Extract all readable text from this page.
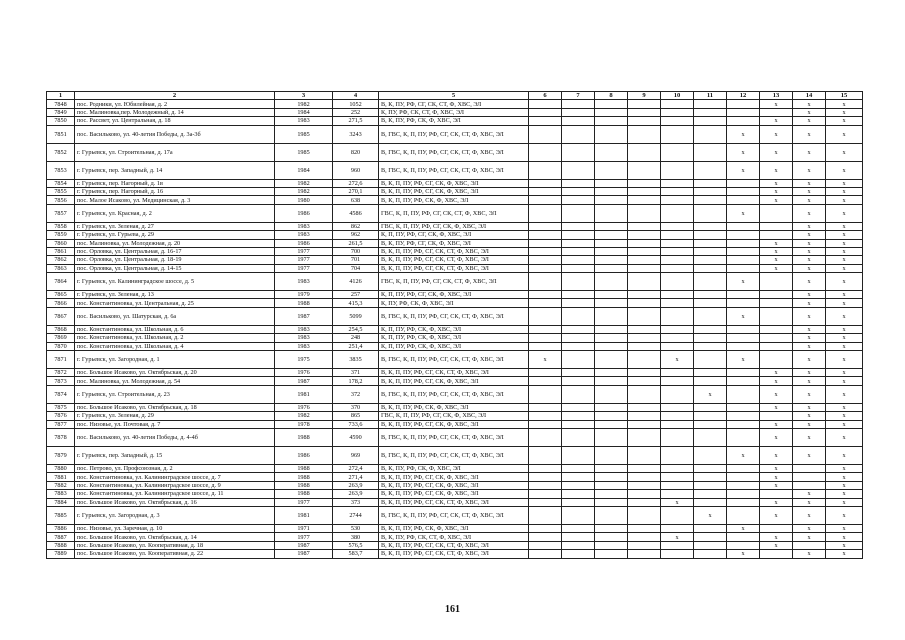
1	2	3	4	5	6	7	8	9	10	11	12	13	14	15
7848	пос. Родники, ул. Юбилейная, д. 2	1982	1052	В, К, ПУ, РФ, СГ, СК, СТ, Ф, ХВС, ЭЛ								x	x	x
7849	пос. Малиновка,пер. Молодежный, д. 14	1984	252	К, ПУ, РФ, СК, СТ, Ф, ХВС, ЭЛ									x	x
7850	пос. Рассвет, ул. Центральная, д. 18	1983	271,5	В, К, ПУ, РФ, СК, Ф, ХВС, ЭЛ								x	x	x
7851	пос. Васильково, ул. 40-летия Победы, д. 3а-3б	1985	3243	В, ГВС, К, П, ПУ, РФ, СГ, СК, СТ, Ф, ХВС, ЭЛ							x	x	x	x
7852	г. Гурьевск, ул. Строительная, д. 17а	1985	820	В, ГВС, К, П, ПУ, РФ, СГ, СК, СТ, Ф, ХВС, ЭЛ							x	x	x	x
7853	г. Гурьевск, пер. Западный, д. 14	1984	960	В, ГВС, К, П, ПУ, РФ, СГ, СК, СТ, Ф, ХВС, ЭЛ							x	x	x	x
7854	г. Гурьевск, пер. Нагорный, д. 1в	1982	272,6	В, К, П, ПУ, РФ, СГ, СК, Ф, ХВС, ЭЛ								x	x	x
7855	г. Гурьевск, пер. Нагорный, д. 16	1982	270,1	В, К, П, ПУ, РФ, СГ, СК, Ф, ХВС, ЭЛ								x	x	x
7856	пос. Малое Исаково, ул. Медицинская, д. 3	1980	638	В, К, П, ПУ, РФ, СК, Ф, ХВС, ЭЛ								x	x	x
7857	г. Гурьевск, ул. Красная, д. 2	1986	4586	ГВС, К, П, ПУ, РФ, СГ, СК, СТ, Ф, ХВС, ЭЛ							x		x	x
7858	г. Гурьевск, ул. Зеленая, д. 27	1983	862	ГВС, К, П, ПУ, РФ, СГ, СК, Ф, ХВС, ЭЛ									x	x
7859	г. Гурьевск, ул. Гурьева, д. 29	1983	962	К, П, ПУ, РФ, СГ, СК, Ф, ХВС, ЭЛ									x	x
7860	пос. Малиновка, ул. Молодежная, д. 20	1986	261,5	В, К, ПУ, РФ, СГ, СК, Ф, ХВС, ЭЛ								x	x	x
7861	пос. Орловка, ул. Центральная, д. 16-17	1977	700	В, К, П, ПУ, РФ, СГ, СК, СТ, Ф, ХВС, ЭЛ								x	x	x
7862	пос. Орловка, ул. Центральная, д. 18-19	1977	701	В, К, П, ПУ, РФ, СГ, СК, СТ, Ф, ХВС, ЭЛ								x	x	x
7863	пос. Орловка, ул. Центральная, д. 14-15	1977	704	В, К, П, ПУ, РФ, СГ, СК, СТ, Ф, ХВС, ЭЛ								x	x	x
7864	г. Гурьевск, ул. Калининградское шоссе, д. 5	1983	4126	ГВС, К, П, ПУ, РФ, СГ, СК, СТ, Ф, ХВС, ЭЛ							x		x	x
7865	г. Гурьевск, ул. Зеленая, д. 13	1979	257	К, П, ПУ, РФ, СГ, СК, Ф, ХВС, ЭЛ									x	x
7866	пос. Константиновка, ул. Центральная, д. 25	1988	415,3	К, ПУ, РФ, СК, Ф, ХВС, ЭЛ									x	x
7867	пос. Васильково, ул. Шатурская, д. 6а	1987	5099	В, ГВС, К, П, ПУ, РФ, СГ, СК, СТ, Ф, ХВС, ЭЛ							x		x	x
7868	пос. Константиновка, ул. Школьная, д. 6	1983	254,5	К, П, ПУ, РФ, СК, Ф, ХВС, ЭЛ									x	x
7869	пос. Константиновка, ул. Школьная, д. 2	1983	248	К, П, ПУ, РФ, СК, Ф, ХВС, ЭЛ									x	x
7870	пос. Константиновка, ул. Школьная, д. 4	1983	251,4	К, П, ПУ, РФ, СК, Ф, ХВС, ЭЛ									x	x
7871	г. Гурьевск, ул. Загородная, д. 1	1975	3835	В, ГВС, К, П, ПУ, РФ, СГ, СК, СТ, Ф, ХВС, ЭЛ	x				x		x		x	x
7872	пос. Большое Исаково, ул. Октябрьская, д. 20	1976	371	В, К, П, ПУ, РФ, СГ, СК, СТ, Ф, ХВС, ЭЛ								x	x	x
7873	пос. Малиновка, ул. Молодежная, д. 54	1987	178,2	В, К, П, ПУ, РФ, СГ, СК, Ф, ХВС, ЭЛ								x	x	x
7874	г. Гурьевск, ул. Строительная, д. 23	1981	372	В, ГВС, К, П, ПУ, РФ, СГ, СК, СТ, Ф, ХВС, ЭЛ						x		x	x	x
7875	пос. Большое Исаково, ул. Октябрьская, д. 18	1976	370	В, К, П, ПУ, РФ, СК, Ф, ХВС, ЭЛ								x	x	x
7876	г. Гурьевск, ул. Зеленая, д. 29	1982	865	ГВС, К, П, ПУ, РФ, СГ, СК, Ф, ХВС, ЭЛ									x	x
7877	пос. Низовье, ул. Почтовая, д. 7	1978	733,6	В, К, П, ПУ, РФ, СГ, СК, Ф, ХВС, ЭЛ								x	x	x
7878	пос. Васильково, ул. 40-летия Победы, д. 4-4б	1988	4590	В, ГВС, К, П, ПУ, РФ, СГ, СК, СТ, Ф, ХВС, ЭЛ								x	x	x
7879	г. Гурьевск, пер. Западный, д. 15	1986	969	В, ГВС, К, П, ПУ, РФ, СГ, СК, СТ, Ф, ХВС, ЭЛ							x	x	x	x
7880	пос. Петрово, ул. Профсоюзная, д. 2	1988	272,4	В, К, ПУ, РФ, СК, Ф, ХВС, ЭЛ								x		x
7881	пос. Константиновка, ул. Калининградское шоссе, д. 7	1988	271,4	В, К, П, ПУ, РФ, СГ, СК, Ф, ХВС, ЭЛ								x		x
7882	пос. Константиновка, ул. Калининградское шоссе, д. 9	1988	263,9	В, К, П, ПУ, РФ, СГ, СК, Ф, ХВС, ЭЛ								x		x
7883	пос. Константиновка, ул. Калининградское шоссе, д. 11	1988	263,9	В, К, П, ПУ, РФ, СГ, СК, Ф, ХВС, ЭЛ									x	x
7884	пос. Большое Исаково, ул. Октябрьская, д. 16	1977	373	В, К, П, ПУ, РФ, СГ, СК, СТ, Ф, ХВС, ЭЛ					x			x	x	x
7885	г. Гурьевск, ул. Загородная, д. 3	1981	2744	В, ГВС, К, П, ПУ, РФ, СГ, СК, СТ, Ф, ХВС, ЭЛ						x		x	x	x
7886	пос. Низовье, ул. Заречная, д. 10	1971	530	В, К, П, ПУ, РФ, СК, Ф, ХВС, ЭЛ							x		x	x
7887	пос. Большое Исаково, ул. Октябрьская, д. 14	1977	380	В, К, ПУ, РФ, СК, СТ, Ф, ХВС, ЭЛ					x			x	x	x
7888	пос. Большое Исаково, ул. Кооперативная, д. 18	1987	576,5	В, К, П, ПУ, РФ, СГ, СК, СТ, Ф, ХВС, ЭЛ								x		x
7889	пос. Большое Исаково, ул. Кооперативная, д. 22	1987	583,7	В, К, П, ПУ, РФ, СГ, СК, СТ, Ф, ХВС, ЭЛ							x		x	x
161
